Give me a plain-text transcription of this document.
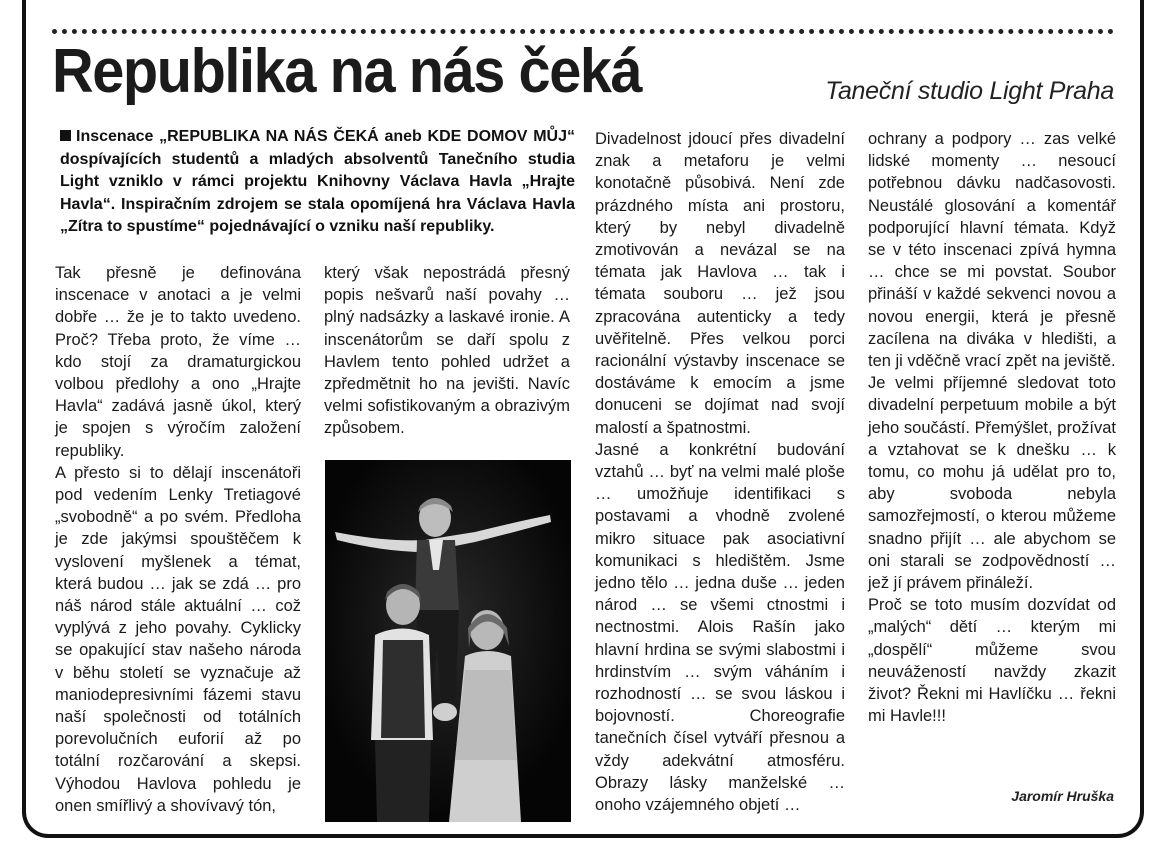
Republika na nás čeká	Taneční studio Light Praha

Inscenace „REPUBLIKA NA NÁS ČEKÁ aneb KDE DOMOV MŮJ“ dospívajících studentů a mladých absolventů Tanečního studia Light vzniklo v rámci projektu Knihovny Václava Havla „Hrajte Havla“. Inspiračním zdrojem se stala opomíjená hra Václava Havla „Zítra to spustíme“ pojednávající o vzniku naší republiky.

Tak přesně je definována inscenace v anotaci a je velmi dobře … že je to takto uvedeno. Proč? Třeba proto, že víme … kdo stojí za dramaturgickou volbou předlohy a ono „Hrajte Havla“ zadává jasně úkol, který je spojen s výročím založení republiky.

A přesto si to dělají inscenátoři pod vedením Lenky Tretiagové „svobodně“ a po svém. Předloha je zde jakýmsi spouštěčem k vyslovení myšlenek a témat, která budou … jak se zdá … pro náš národ stále aktuální … což vyplývá z jeho povahy. Cyklicky se opakující stav našeho národa v běhu století se vyznačuje až maniodepresivními fázemi stavu naší společnosti od totálních porevolučních euforií až po totální rozčarování a skepsi. Výhodou Havlova pohledu je onen smířlivý a shovívavý tón,

který však nepostrádá přesný popis nešvarů naší povahy … plný nadsázky a laskavé ironie. A inscenátorům se daří spolu z Havlem tento pohled udržet a zpředmětnit ho na jevišti. Navíc velmi sofistikovaným a obrazivým způsobem.

Divadelnost jdoucí přes divadelní znak a metaforu je velmi konotačně působivá. Není zde prázdného místa ani prostoru, který by nebyl divadelně zmotivován a nevázal se na témata jak Havlova … tak i témata souboru … jež jsou zpracována autenticky a tedy uvěřitelně. Přes velkou porci racionální výstavby inscenace se dostáváme k emocím a jsme donuceni se dojímat nad svojí malostí a špatnostmi.

Jasné a konkrétní budování vztahů … byť na velmi malé ploše … umožňuje identifikaci s postavami a vhodně zvolené mikro situace pak asociativní komunikaci s hledištěm. Jsme jedno tělo … jedna duše … jeden národ … se všemi ctnostmi i nectnostmi. Alois Rašín jako hlavní hrdina se svými slabostmi i hrdinstvím … svým váháním i rozhodností … se svou láskou i bojovností. Choreografie tanečních čísel vytváří přesnou a vždy adekvátní atmosféru. Obrazy lásky manželské … onoho vzájemného objetí …

ochrany a podpory … zas velké lidské momenty … nesoucí potřebnou dávku nadčasovosti. Neustálé glosování a komentář podporující hlavní témata. Když se v této inscenaci zpívá hymna … chce se mi povstat. Soubor přináší v každé sekvenci novou a novou energii, která je přesně zacílena na diváka v hledišti, a ten ji vděčně vrací zpět na jeviště.

Je velmi příjemné sledovat toto divadelní perpetuum mobile a být jeho součástí. Přemýšlet, prožívat a vztahovat se k dnešku … k tomu, co mohu já udělat pro to, aby svoboda nebyla samozřejmostí, o kterou můžeme snadno přijít … ale abychom se oni starali se zodpovědností … jež jí právem přináleží.

Proč se toto musím dozvídat od „malých“ dětí … kterým mi „dospělí“ můžeme svou neuvážeností navždy zkazit život? Řekni mi Havlíčku … řekni mi Havle!!!

Jaromír Hruška
